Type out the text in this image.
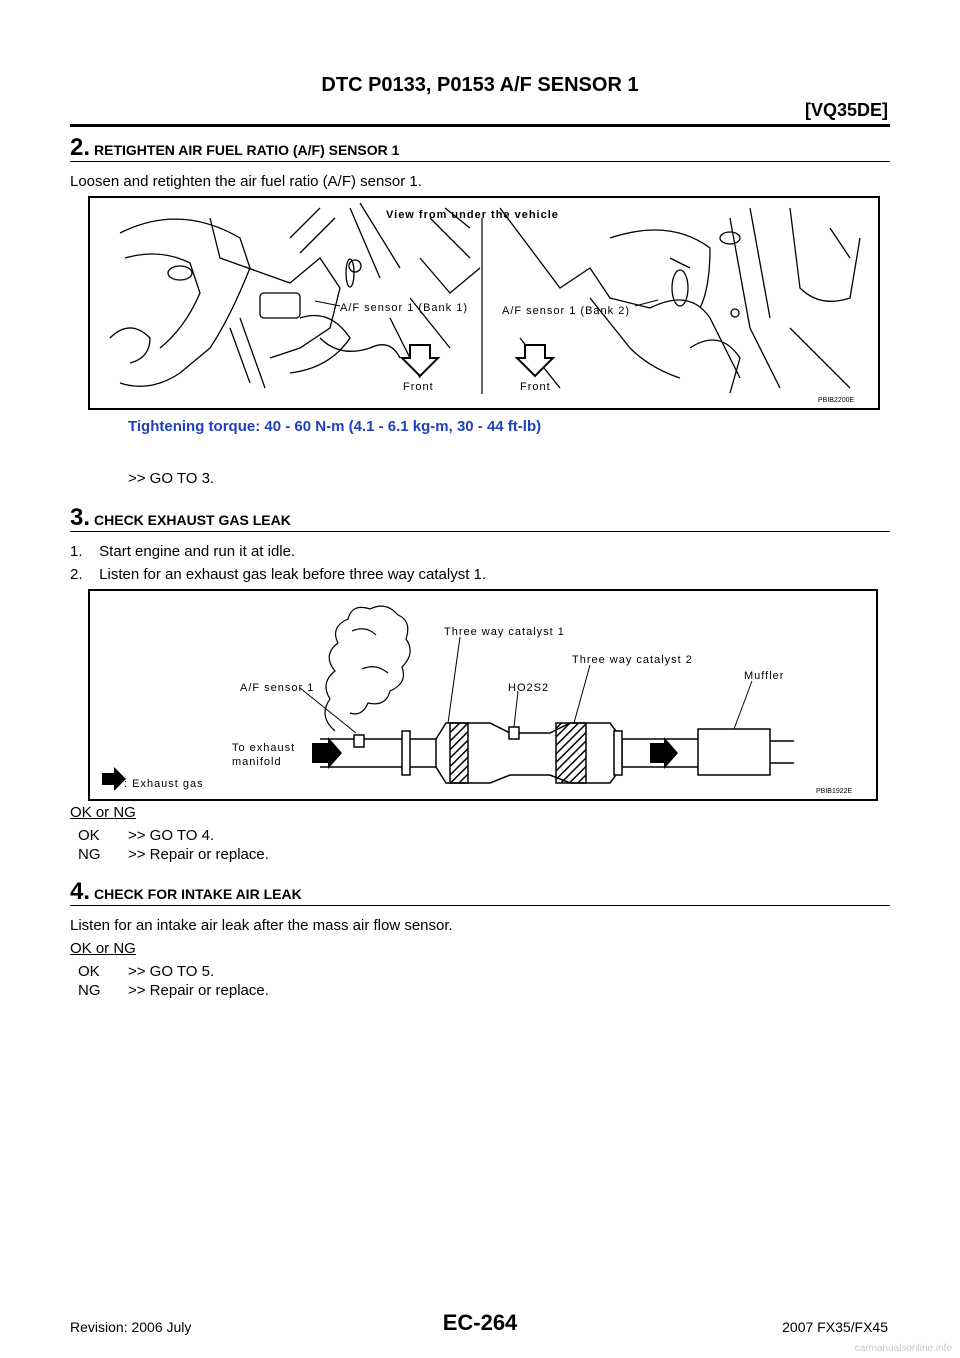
DTC P0133, P0153 A/F SENSOR 1
[VQ35DE]
2. RETIGHTEN AIR FUEL RATIO (A/F) SENSOR 1
Loosen and retighten the air fuel ratio (A/F) sensor 1.
View from under the vehicle
A/F sensor 1 (Bank 1)	A/F sensor 1 (Bank 2)
Front	Front
PBIB2200E
Tightening torque: 40 - 60 N-m (4.1 - 6.1 kg-m, 30 - 44 ft-lb)
>> GO TO 3.
3. CHECK EXHAUST GAS LEAK
1.    Start engine and run it at idle.
2.    Listen for an exhaust gas leak before three way catalyst 1.
Three way catalyst 1
Three way catalyst 2
Muffler
A/F sensor 1	HO2S2
To exhaust
manifold
: Exhaust gas
PBIB1922E
OK or NG
OK >> GO TO 4.
NG >> Repair or replace.
4. CHECK FOR INTAKE AIR LEAK
Listen for an intake air leak after the mass air flow sensor.
OK or NG
OK >> GO TO 5.
NG >> Repair or replace.
Revision: 2006 July	EC-264	2007 FX35/FX45
carmanualsonline.info
